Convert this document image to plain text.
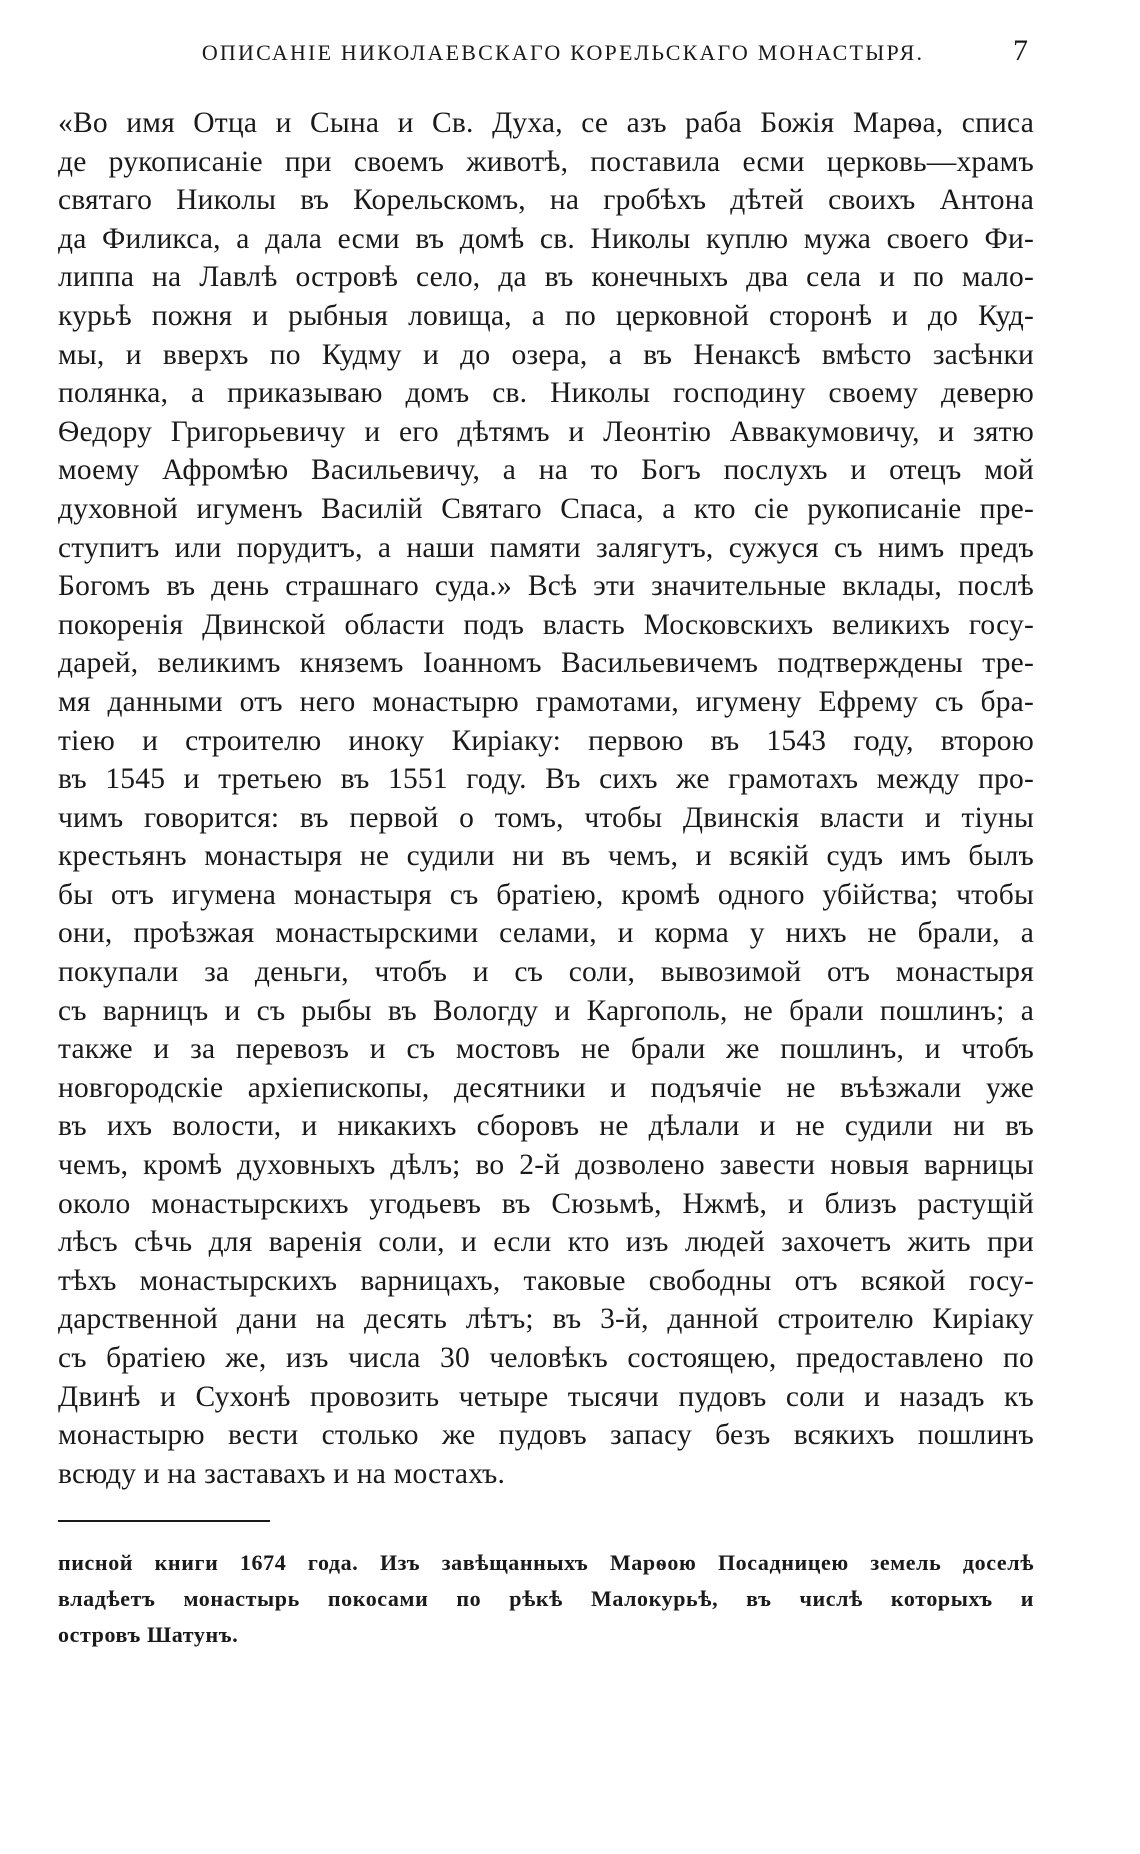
ОПИСАНІЕ НИКОЛАЕВСКАГО КОРЕЛЬСКАГО МОНАСТЫРЯ.	7
«Во имя Отца и Сына и Св. Духа, се азъ раба Божія Марѳа, списа
де рукописаніе при своемъ животѣ, поставила есми церковь—храмъ
святаго Николы въ Корельскомъ, на гробѣхъ дѣтей своихъ Антона
да Филикса, а дала есми въ домѣ св. Николы куплю мужа своего Фи-
липпа на Лавлѣ островѣ село, да въ конечныхъ два села и по мало-
курьѣ пожня и рыбныя ловища, а по церковной сторонѣ и до Куд-
мы, и вверхъ по Кудму и до озера, а въ Ненаксѣ вмѣсто засѣнки
полянка, а приказываю домъ св. Николы господину своему деверю
Ѳедору Григорьевичу и его дѣтямъ и Леонтію Аввакумовичу, и зятю
моему Афромѣю Васильевичу, а на то Богъ послухъ и отецъ мой
духовной игуменъ Василій Святаго Спаса, а кто сіе рукописаніе пре-
ступитъ или порудитъ, а наши памяти залягутъ, сужуся съ нимъ предъ
Богомъ въ день страшнаго суда.» Всѣ эти значительные вклады, послѣ
покоренія Двинской области подъ власть Московскихъ великихъ госу-
дарей, великимъ княземъ Іоанномъ Васильевичемъ подтверждены тре-
мя данными отъ него монастырю грамотами, игумену Ефрему съ бра-
тіею и строителю иноку Киріаку: первою въ 1543 году, второю
въ 1545 и третьею въ 1551 году. Въ сихъ же грамотахъ между про-
чимъ говорится: въ первой о томъ, чтобы Двинскія власти и тіуны
крестьянъ монастыря не судили ни въ чемъ, и всякій судъ имъ былъ
бы отъ игумена монастыря съ братіею, кромѣ одного убійства; чтобы
они, проѣзжая монастырскими селами, и корма у нихъ не брали, а
покупали за деньги, чтобъ и съ соли, вывозимой отъ монастыря
съ варницъ и съ рыбы въ Вологду и Каргополь, не брали пошлинъ; а
также и за перевозъ и съ мостовъ не брали же пошлинъ, и чтобъ
новгородскіе архіепископы, десятники и подъячіе не въѣзжали уже
въ ихъ волости, и никакихъ сборовъ не дѣлали и не судили ни въ
чемъ, кромѣ духовныхъ дѣлъ; во 2-й дозволено завести новыя варницы
около монастырскихъ угодьевъ въ Сюзьмѣ, Нжмѣ, и близъ растущій
лѣсъ сѣчь для варенія соли, и если кто изъ людей захочетъ жить при
тѣхъ монастырскихъ варницахъ, таковые свободны отъ всякой госу-
дарственной дани на десять лѣтъ; въ 3-й, данной строителю Киріаку
съ братіею же, изъ числа 30 человѣкъ состоящею, предоставлено по
Двинѣ и Сухонѣ провозить четыре тысячи пудовъ соли и назадъ къ
монастырю вести столько же пудовъ запасу безъ всякихъ пошлинъ
всюду и на заставахъ и на мостахъ.
писной книги 1674 года. Изъ завѣщанныхъ Марѳою Посадницею земель доселѣ
владѣетъ монастырь покосами по рѣкѣ Малокурьѣ, въ числѣ которыхъ и
островъ Шатунъ.
